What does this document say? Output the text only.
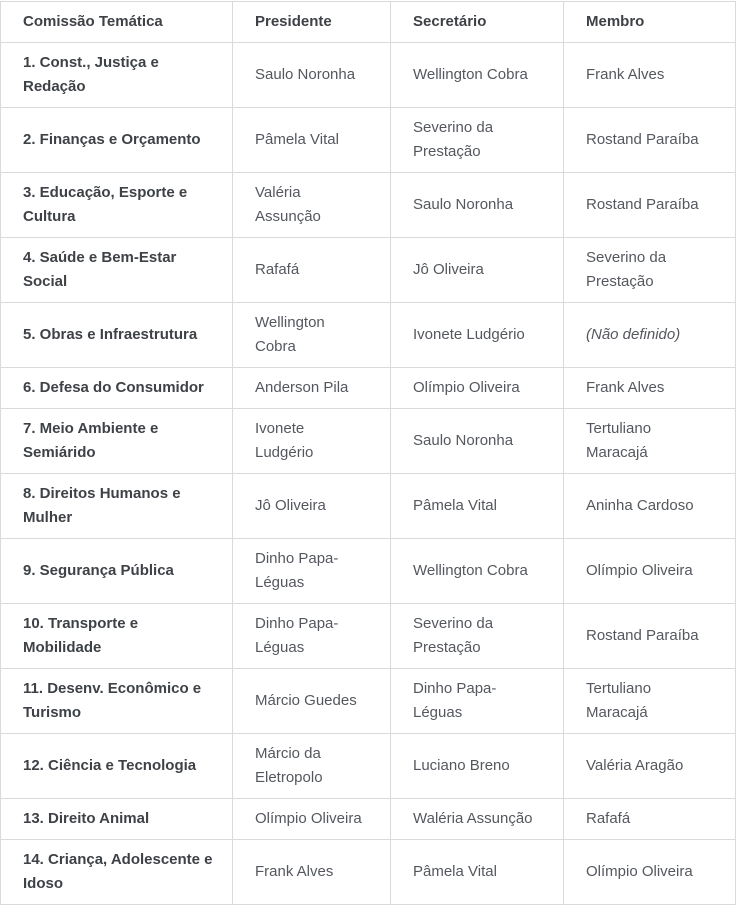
Comissão Temática	Presidente	Secretário	Membro
1. Const., Justiça e Redação	Saulo Noronha	Wellington Cobra	Frank Alves
2. Finanças e Orçamento	Pâmela Vital	Severino da Prestação	Rostand Paraíba
3. Educação, Esporte e Cultura	Valéria Assunção	Saulo Noronha	Rostand Paraíba
4. Saúde e Bem-Estar Social	Rafafá	Jô Oliveira	Severino da Prestação
5. Obras e Infraestrutura	Wellington Cobra	Ivonete Ludgério	(Não definido)
6. Defesa do Consumidor	Anderson Pila	Olímpio Oliveira	Frank Alves
7. Meio Ambiente e Semiárido	Ivonete Ludgério	Saulo Noronha	Tertuliano Maracajá
8. Direitos Humanos e Mulher	Jô Oliveira	Pâmela Vital	Aninha Cardoso
9. Segurança Pública	Dinho Papa-Léguas	Wellington Cobra	Olímpio Oliveira
10. Transporte e Mobilidade	Dinho Papa-Léguas	Severino da Prestação	Rostand Paraíba
11. Desenv. Econômico e Turismo	Márcio Guedes	Dinho Papa-Léguas	Tertuliano Maracajá
12. Ciência e Tecnologia	Márcio da Eletropolo	Luciano Breno	Valéria Aragão
13. Direito Animal	Olímpio Oliveira	Waléria Assunção	Rafafá
14. Criança, Adolescente e Idoso	Frank Alves	Pâmela Vital	Olímpio Oliveira
